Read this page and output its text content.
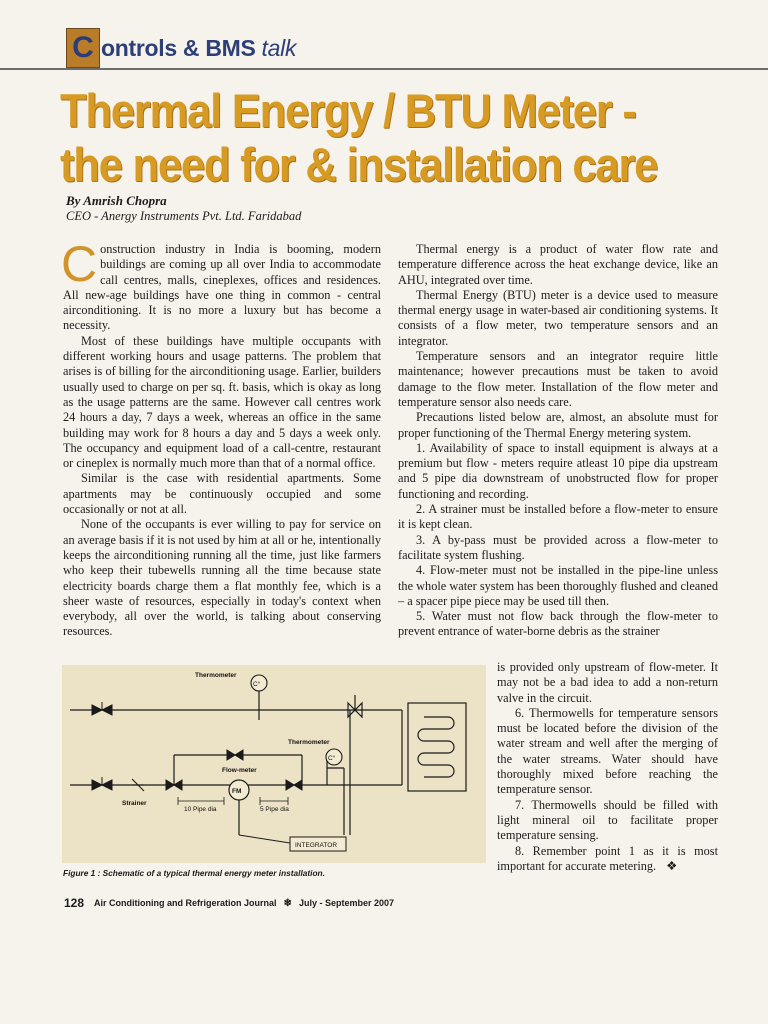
C ontrols & BMS talk
Thermal Energy / BTU Meter -
the need for & installation care
By Amrish Chopra
CEO - Anergy Instruments Pvt. Ltd. Faridabad

Construction industry in India is booming, modern buildings are coming up all over India to accommodate call centres, malls, cineplexes, offices and residences. All new-age buildings have one thing in common - central airconditioning. It is no more a luxury but has become a necessity.

Most of these buildings have multiple occupants with different working hours and usage patterns. The problem that arises is of billing for the airconditioning usage. Earlier, builders usually used to charge on per sq. ft. basis, which is okay as long as the usage patterns are the same. However call centres work 24 hours a day, 7 days a week, whereas an office in the same building may work for 8 hours a day and 5 days a week only. The occupancy and equipment load of a call-centre, restaurant or cineplex is normally much more than that of a normal office.

Similar is the case with residential apartments. Some apartments may be continuously occupied and some occasionally or not at all.

None of the occupants is ever willing to pay for service on an average basis if it is not used by him at all or he, intentionally keeps the airconditioning running all the time, just like farmers who keep their tubewells running all the time because state electricity boards charge them a flat monthly fee, which is a sheer waste of resources, especially in today's context when everybody, all over the world, is talking about conserving resources.

Thermal energy is a product of water flow rate and temperature difference across the heat exchange device, like an AHU, integrated over time.

Thermal Energy (BTU) meter is a device used to measure thermal energy usage in water-based air conditioning systems. It consists of a flow meter, two temperature sensors and an integrator.

Temperature sensors and an integrator require little maintenance; however precautions must be taken to avoid damage to the flow meter. Installation of the flow meter and temperature sensor also needs care.

Precautions listed below are, almost, an absolute must for proper functioning of the Thermal Energy metering system.

1. Availability of space to install equipment is always at a premium but flow - meters require atleast 10 pipe dia upstream and 5 pipe dia downstream of unobstructed flow for proper functioning and recording.

2. A strainer must be installed before a flow-meter to ensure it is kept clean.

3. A by-pass must be provided across a flow-meter to facilitate system flushing.

4. Flow-meter must not be installed in the pipe-line unless the whole water system has been thoroughly flushed and cleaned – a spacer pipe piece may be used till then.

5. Water must not flow back through the flow-meter to prevent entrance of water-borne debris as the strainer

is provided only upstream of flow-meter. It may not be a bad idea to add a non-return valve in the circuit.

6. Thermowells for temperature sensors must be located before the division of the water stream and well after the merging of the water streams. Water should have thoroughly mixed before reaching the temperature sensor.

7. Thermowells should be filled with light mineral oil to facilitate proper temperature sensing.

8. Remember point 1 as it is most important for accurate metering. ❖

FM
C°
C°
INTEGRATOR
Thermometer
Thermometer
Flow-meter
Strainer
10 Pipe dia	5 Pipe dia
Figure 1 : Schematic of a typical thermal energy meter installation.
128 Air Conditioning and Refrigeration Journal ❄ July - September 2007
